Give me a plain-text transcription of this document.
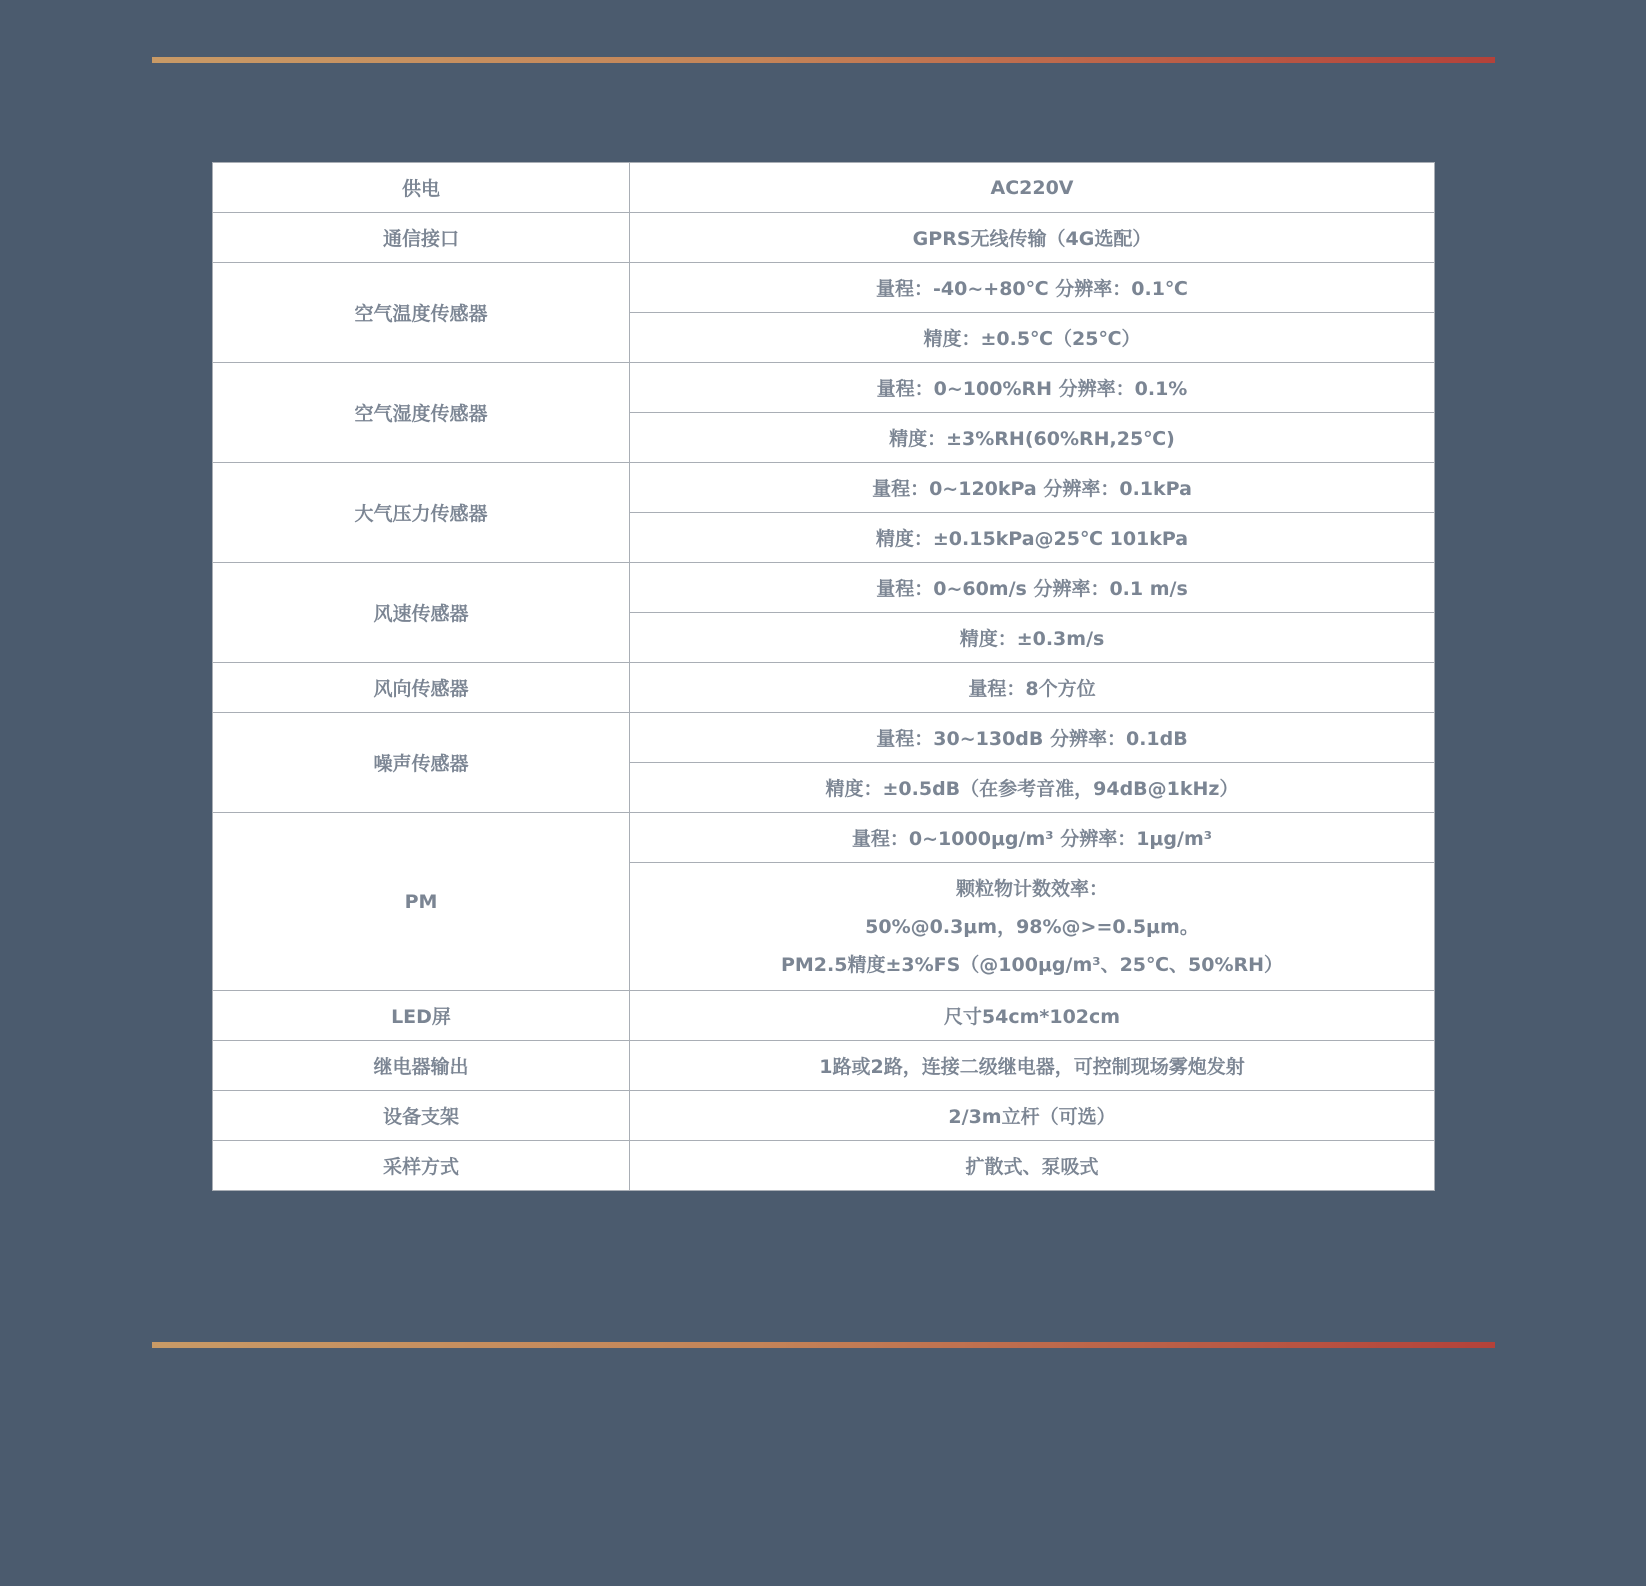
供电	AC220V
通信接口	GPRS无线传输（4G选配）
空气温度传感器	量程：-40~+80℃ 分辨率：0.1℃
	精度：±0.5℃（25℃）
空气湿度传感器	量程：0~100%RH 分辨率：0.1%
	精度：±3%RH(60%RH,25℃)
大气压力传感器	量程：0~120kPa 分辨率：0.1kPa
	精度：±0.15kPa@25℃ 101kPa
风速传感器	量程：0~60m/s 分辨率：0.1 m/s
	精度：±0.3m/s
风向传感器	量程：8个方位
噪声传感器	量程：30~130dB 分辨率：0.1dB
	精度：±0.5dB（在参考音准，94dB@1kHz）
PM	量程：0~1000μg/m³ 分辨率：1μg/m³

	颗粒物计数效率：
50%@0.3μm，98%@>=0.5μm。
PM2.5精度±3%FS（@100μg/m³、25℃、50%RH）

LED屏	尺寸54cm*102cm
继电器输出	1路或2路，连接二级继电器，可控制现场雾炮发射
设备支架	2/3m立杆（可选）
采样方式	扩散式、泵吸式
